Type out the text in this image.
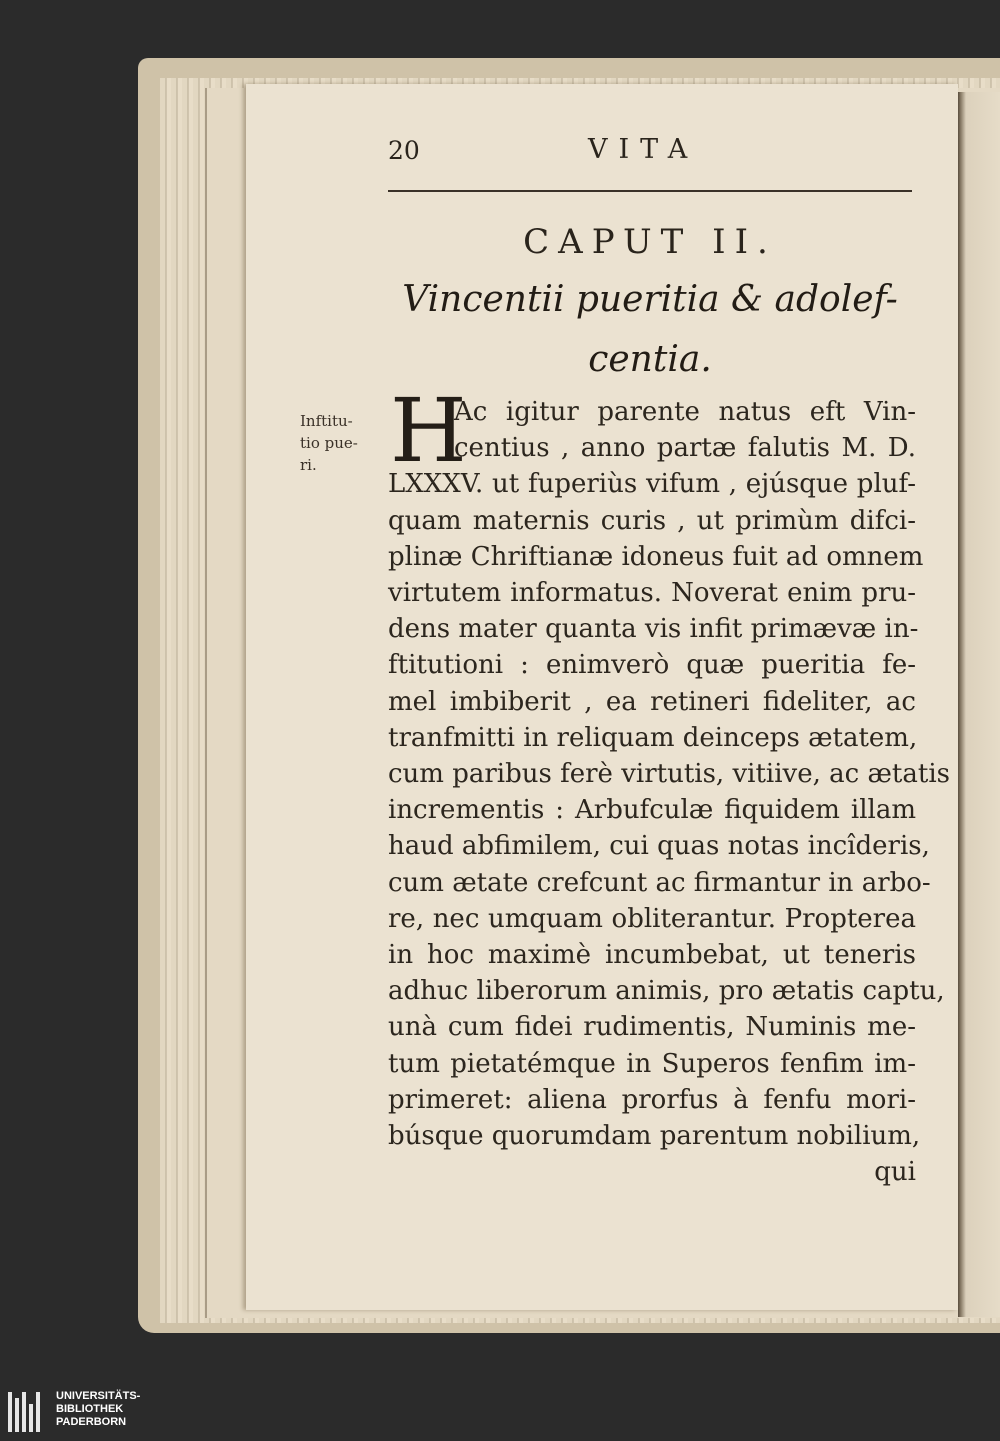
20	VITA
CAPUT II.
Vincentii pueritia & adolef-
centia.
Inftitu-
tio pue-
ri. H
Ac igitur parente natus eft Vin-
centius , anno partæ falutis M. D.
LXXXV. ut fuperiùs vifum , ejúsque pluf-
quam maternis curis , ut primùm difci-
plinæ Chriftianæ idoneus fuit ad omnem
virtutem informatus. Noverat enim pru-
dens mater quanta vis infit primævæ in-
ftitutioni : enimverò quæ pueritia fe-
mel imbiberit , ea retineri fideliter, ac
tranfmitti in reliquam deinceps ætatem,
cum paribus ferè virtutis, vitiive, ac ætatis
incrementis : Arbufculæ fiquidem illam
haud abfimilem, cui quas notas incîderis,
cum ætate crefcunt ac firmantur in arbo-
re, nec umquam obliterantur. Propterea
in hoc maximè incumbebat, ut teneris
adhuc liberorum animis, pro ætatis captu,
unà cum fidei rudimentis, Numinis me-
tum pietatémque in Superos fenfim im-
primeret: aliena prorfus à fenfu mori-
búsque quorumdam parentum nobilium,
qui
UNIVERSITÄTS-
BIBLIOTHEK
PADERBORN
